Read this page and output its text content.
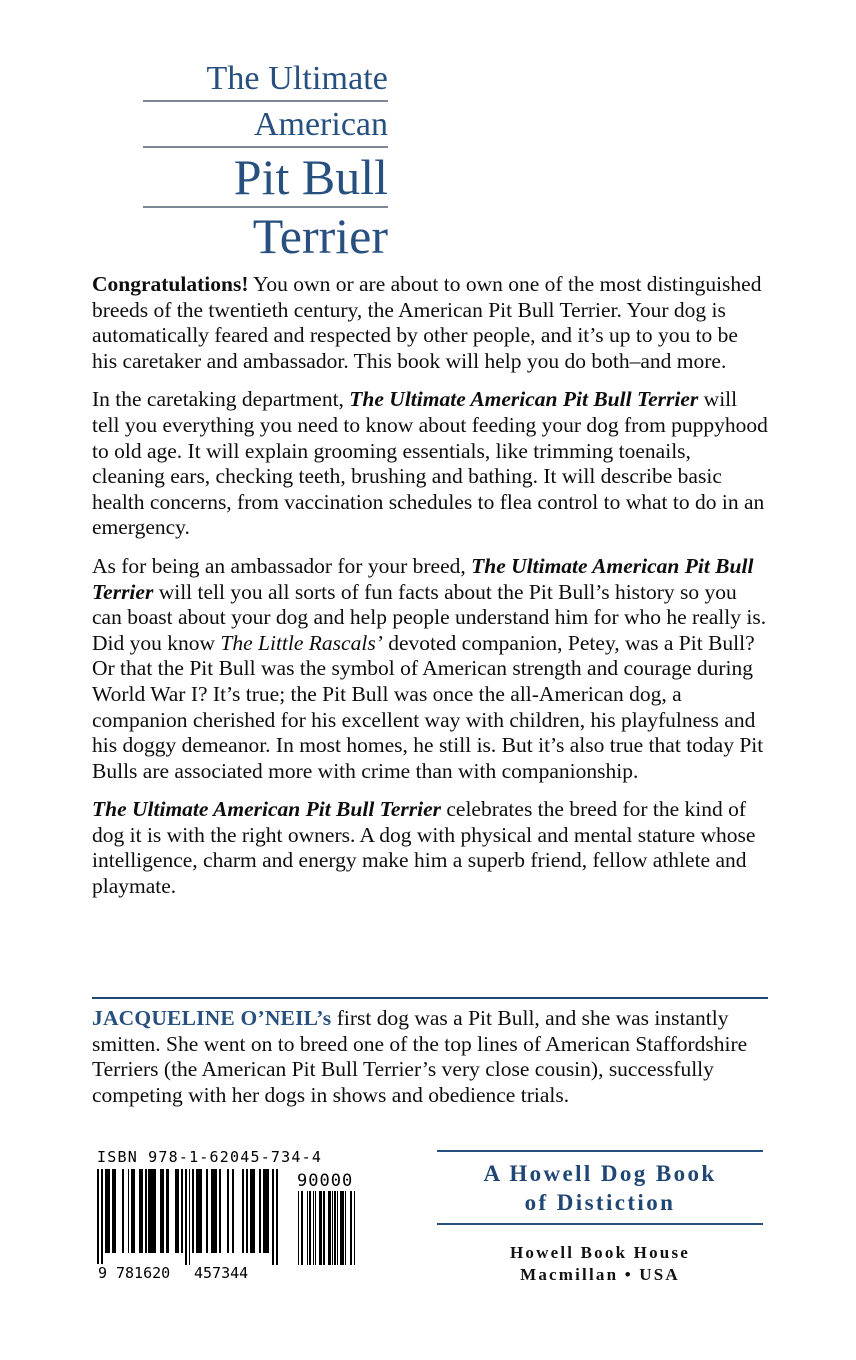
The Ultimate
American
Pit Bull
Terrier

Congratulations! You own or are about to own one of the most distinguished breeds of the twentieth century, the American Pit Bull Terrier. Your dog is automatically feared and respected by other people, and it’s up to you to be his caretaker and ambassador. This book will help you do both–and more.

In the caretaking department, The Ultimate American Pit Bull Terrier will tell you everything you need to know about feeding your dog from puppyhood to old age. It will explain grooming essentials, like trimming toenails, cleaning ears, checking teeth, brushing and bathing. It will describe basic health concerns, from vaccination schedules to flea control to what to do in an emergency.

As for being an ambassador for your breed, The Ultimate American Pit Bull Terrier will tell you all sorts of fun facts about the Pit Bull’s history so you can boast about your dog and help people understand him for who he really is. Did you know The Little Rascals’ devoted companion, Petey, was a Pit Bull? Or that the Pit Bull was the symbol of American strength and courage during World War I? It’s true; the Pit Bull was once the all-American dog, a companion cherished for his excellent way with children, his playfulness and his doggy demeanor. In most homes, he still is. But it’s also true that today Pit Bulls are associated more with crime than with companionship.

The Ultimate American Pit Bull Terrier celebrates the breed for the kind of dog it is with the right owners. A dog with physical and mental stature whose intelligence, charm and energy make him a superb friend, fellow athlete and playmate.

JACQUELINE O’NEIL’s first dog was a Pit Bull, and she was instantly smitten. She went on to breed one of the top lines of American Staffordshire Terriers (the American Pit Bull Terrier’s very close cousin), successfully competing with her dogs in shows and obedience trials.

ISBN 978-1-62045-734-4
90000
9 781620 457344
A Howell Dog Book
of Distiction
Howell Book House
Macmillan • USA
